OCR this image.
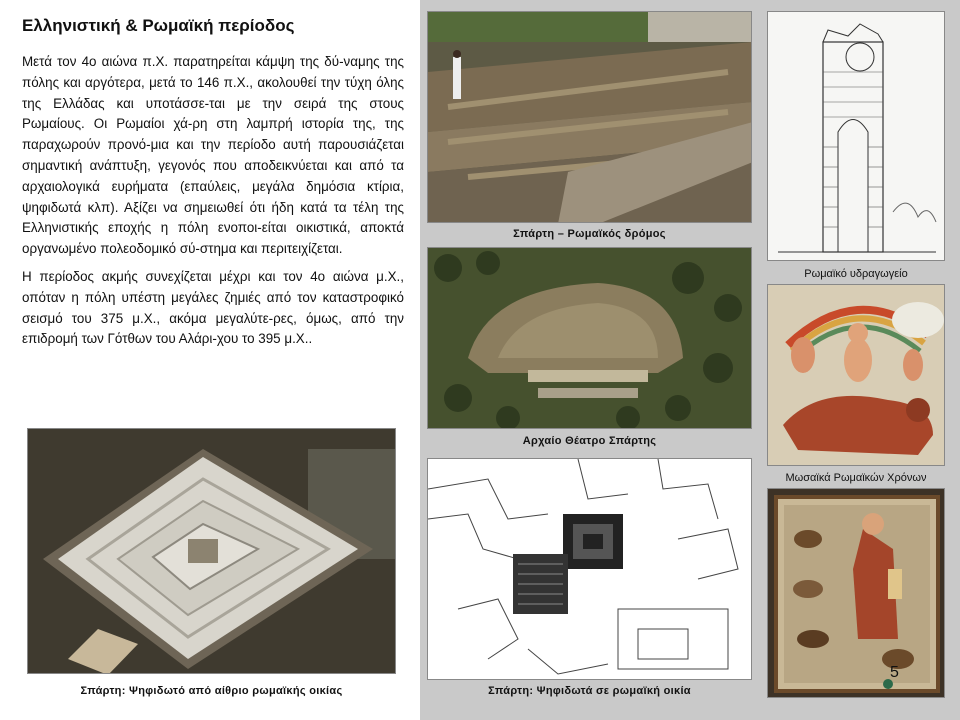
Ελληνιστική & Ρωμαϊκή περίοδος

Μετά τον 4ο αιώνα π.Χ. παρατηρείται κάμψη της δύ-ναμης της πόλης και αργότερα, μετά το 146 π.Χ., ακολουθεί την τύχη όλης της Ελλάδας και υποτάσσε-ται με την σειρά της στους Ρωμαίους. Οι Ρωμαίοι χά-ρη στη λαμπρή ιστορία της, της παραχωρούν προνό-μια και την περίοδο αυτή παρουσιάζεται σημαντική ανάπτυξη, γεγονός που αποδεικνύεται και από τα αρχαιολογικά ευρήματα (επαύλεις, μεγάλα δημόσια κτίρια, ψηφιδωτά κλπ). Αξίζει να σημειωθεί ότι ήδη κατά τα τέλη της Ελληνιστικής εποχής η πόλη ενοποι-είται οικιστικά, αποκτά οργανωμένο πολεοδομικό σύ-στημα και περιτειχίζεται.

Η περίοδος ακμής συνεχίζεται μέχρι και τον 4ο αιώνα μ.Χ., οπόταν η πόλη υπέστη μεγάλες ζημιές από τον καταστροφικό σεισμό του 375 μ.Χ., ακόμα μεγαλύτε-ρες, όμως, από την επιδρομή των Γότθων του Αλάρι-χου το 395 μ.Χ..

Σπάρτη – Ρωμαϊκός δρόμος
Ρωμαϊκό υδραγωγείο
Αρχαίο Θέατρο Σπάρτης
Μωσαϊκά Ρωμαϊκών Χρόνων
Σπάρτη: Ψηφιδωτά σε ρωμαϊκή οικία
Σπάρτη: Ψηφιδωτό από αίθριο ρωμαϊκής οικίας
5
